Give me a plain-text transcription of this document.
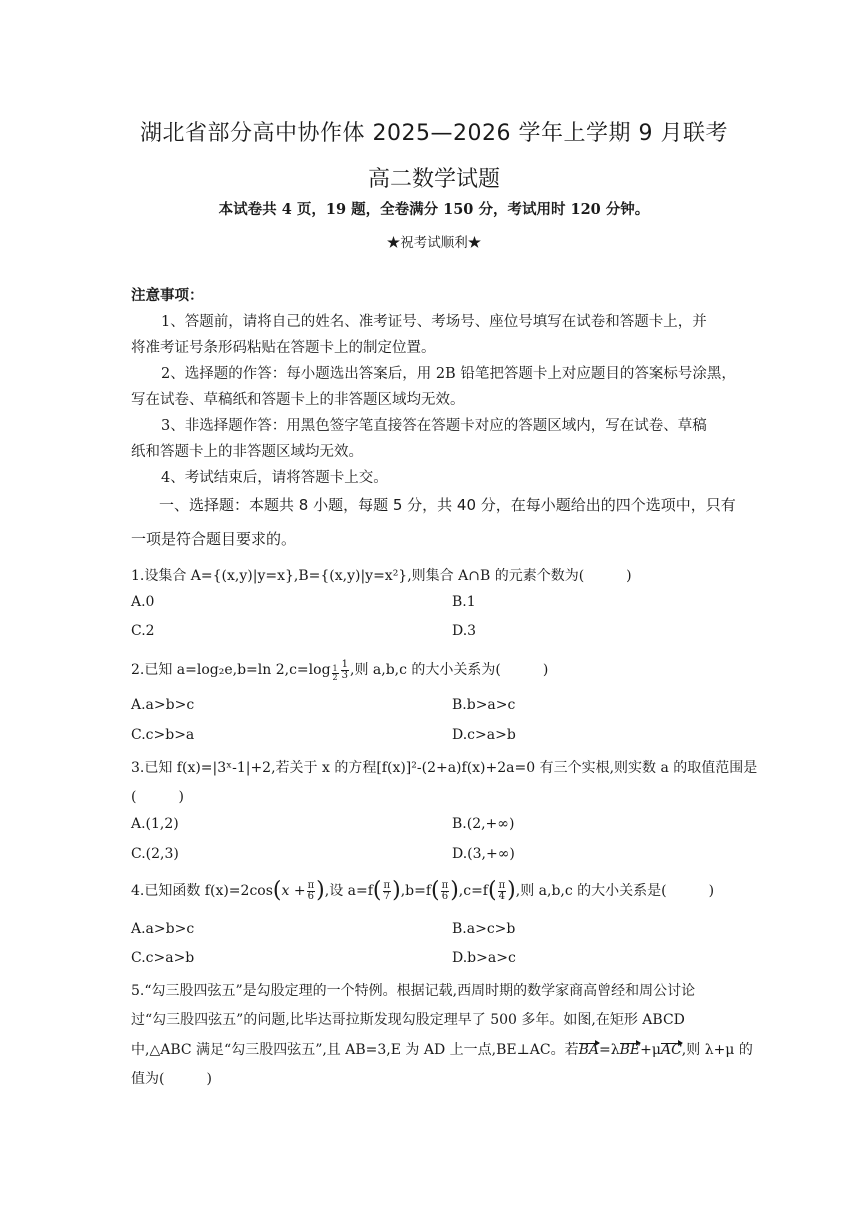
湖北省部分高中协作体 2025—2026 学年上学期 9 月联考
高二数学试题
本试卷共 4 页，19 题，全卷满分 150 分，考试用时 120 分钟。
★祝考试顺利★
注意事项：
1、答题前，请将自己的姓名、准考证号、考场号、座位号填写在试卷和答题卡上，并
将准考证号条形码粘贴在答题卡上的制定位置。
2、选择题的作答：每小题选出答案后，用 2B 铅笔把答题卡上对应题目的答案标号涂黑，
写在试卷、草稿纸和答题卡上的非答题区域均无效。
3、非选择题作答：用黑色签字笔直接答在答题卡对应的答题区域内，写在试卷、草稿
纸和答题卡上的非答题区域均无效。
4、考试结束后，请将答题卡上交。
一、选择题：本题共 8 小题，每题 5 分，共 40 分，在每小题给出的四个选项中，只有
一项是符合题目要求的。
1.设集合 A={(x,y)|y=x},B={(x,y)|y=x²},则集合 A∩B 的元素个数为(　　　)
A.0	B.1
C.2	D.3
2.已知 a=log₂e,b=ln $2,c=\log \frac{1}{2} \frac{1}{3}$ ,则 a,b,c 的大小关系为(　　　)
A.a>b>c	B.b>a>c
C.c>b>a	D.c>a>b
3.已知 f(x)=|3ˣ-1|+2,若关于 x 的方程[f(x)]²-(2+a)f(x)+2a=0 有三个实根,则实数 a 的取值范围是
(　　　)
A.(1,2)	B.(2,+∞)
C.(2,3)	D.(3,+∞)
4.已知函数 $f(x)=2\cos(x + \frac{\pi}{6}$ ),设 $a=f( \frac{\pi}{7} ),b=f( \frac{\pi}{6} ),c=f( \frac{\pi}{4}$ ),则 a,b,c 的大小关系是(　　　)
A.a>b>c	B.a>c>b
C.c>a>b	D.b>a>c
5.“勾三股四弦五”是勾股定理的一个特例。根据记载,西周时期的数学家商高曾经和周公讨论
过“勾三股四弦五”的问题,比毕达哥拉斯发现勾股定理早了 500 多年。如图,在矩形 ABCD
中,△ABC 满足“勾三股四弦五”,且 AB=3,E 为 AD 上一点,BE⊥AC。若BA=λBE+μAC,则 λ+μ 的
值为(　　　)
